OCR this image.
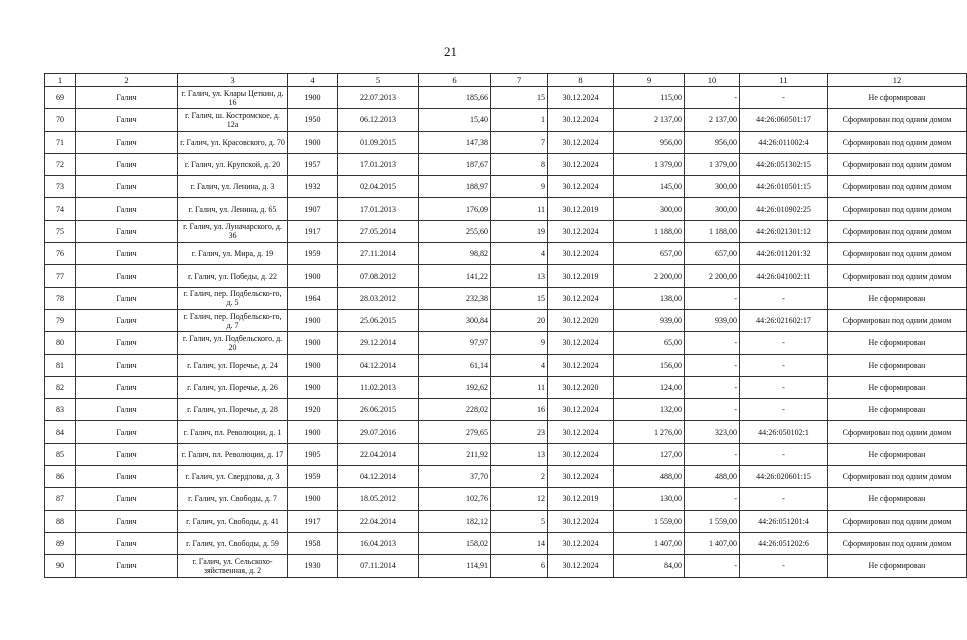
21
1	2	3	4	5	6	7	8	9	10	11	12
69	Галич	г. Галич, ул. Клары Цеткин, д. 16	1900	22.07.2013	185,66	15	30.12.2024	115,00	-	-	Не сформирован
70	Галич	г. Галич, ш. Костромское, д. 12а	1950	06.12.2013	15,40	1	30.12.2024	2 137,00	2 137,00	44:26:060501:17	Сформирован под одним домом
71	Галич	г. Галич, ул. Красовского, д. 70	1900	01.09.2015	147,38	7	30.12.2024	956,00	956,00	44:26:011002:4	Сформирован под одним домом
72	Галич	г. Галич, ул. Крупской, д. 20	1957	17.01.2013	187,67	8	30.12.2024	1 379,00	1 379,00	44:26:051302:15	Сформирован под одним домом
73	Галич	г. Галич, ул. Ленина, д. 3	1932	02.04.2015	188,97	9	30.12.2024	145,00	300,00	44:26:010501:15	Сформирован под одним домом
74	Галич	г. Галич, ул. Ленина, д. 65	1907	17.01.2013	176,09	11	30.12.2019	300,00	300,00	44:26:010902:25	Сформирован под одним домом
75	Галич	г. Галич, ул. Луначарского, д. 36	1917	27.05.2014	255,60	19	30.12.2024	1 188,00	1 188,00	44:26:021301:12	Сформирован под одним домом
76	Галич	г. Галич, ул. Мира, д. 19	1959	27.11.2014	98,82	4	30.12.2024	657,00	657,00	44:26:011201:32	Сформирован под одним домом
77	Галич	г. Галич, ул. Победы, д. 22	1900	07.08.2012	141,22	13	30.12.2019	2 200,00	2 200,00	44:26:041002:11	Сформирован под одним домом
78	Галич	г. Галич, пер. Подбельско-го, д. 5	1964	28.03.2012	232,38	15	30.12.2024	138,00	-	-	Не сформирован
79	Галич	г. Галич, пер. Подбельско-го, д. 7	1900	25.06.2015	300,84	20	30.12.2020	939,00	939,00	44:26:021602:17	Сформирован под одним домом
80	Галич	г. Галич, ул. Подбельского, д. 20	1900	29.12.2014	97,97	9	30.12.2024	65,00	-	-	Не сформирован
81	Галич	г. Галич, ул. Поречье, д. 24	1900	04.12.2014	61,14	4	30.12.2024	156,00	-	-	Не сформирован
82	Галич	г. Галич, ул. Поречье, д. 26	1900	11.02.2013	192,62	11	30.12.2020	124,00	-	-	Не сформирован
83	Галич	г. Галич, ул. Поречье, д. 28	1920	26.06.2015	228,02	16	30.12.2024	132,00	-	-	Не сформирован
84	Галич	г. Галич, пл. Революции, д. 1	1900	29.07.2016	279,65	23	30.12.2024	1 276,00	323,00	44:26:050102:1	Сформирован под одним домом
85	Галич	г. Галич, пл. Революции, д. 17	1905	22.04.2014	211,92	13	30.12.2024	127,00	-	-	Не сформирован
86	Галич	г. Галич, ул. Свердлова, д. 3	1959	04.12.2014	37,70	2	30.12.2024	488,00	488,00	44:26:020601:15	Сформирован под одним домом
87	Галич	г. Галич, ул. Свободы, д. 7	1900	18.05.2012	102,76	12	30.12.2019	130,00	-	-	Не сформирован
88	Галич	г. Галич, ул. Свободы, д. 41	1917	22.04.2014	182,12	5	30.12.2024	1 559,00	1 559,00	44:26:051201:4	Сформирован под одним домом
89	Галич	г. Галич, ул. Свободы, д. 59	1958	16.04.2013	158,02	14	30.12.2024	1 407,00	1 407,00	44:26:051202:6	Сформирован под одним домом
90	Галич	г. Галич, ул. Сельскохо-зяйственная, д. 2	1930	07.11.2014	114,91	6	30.12.2024	84,00	-	-	Не сформирован
